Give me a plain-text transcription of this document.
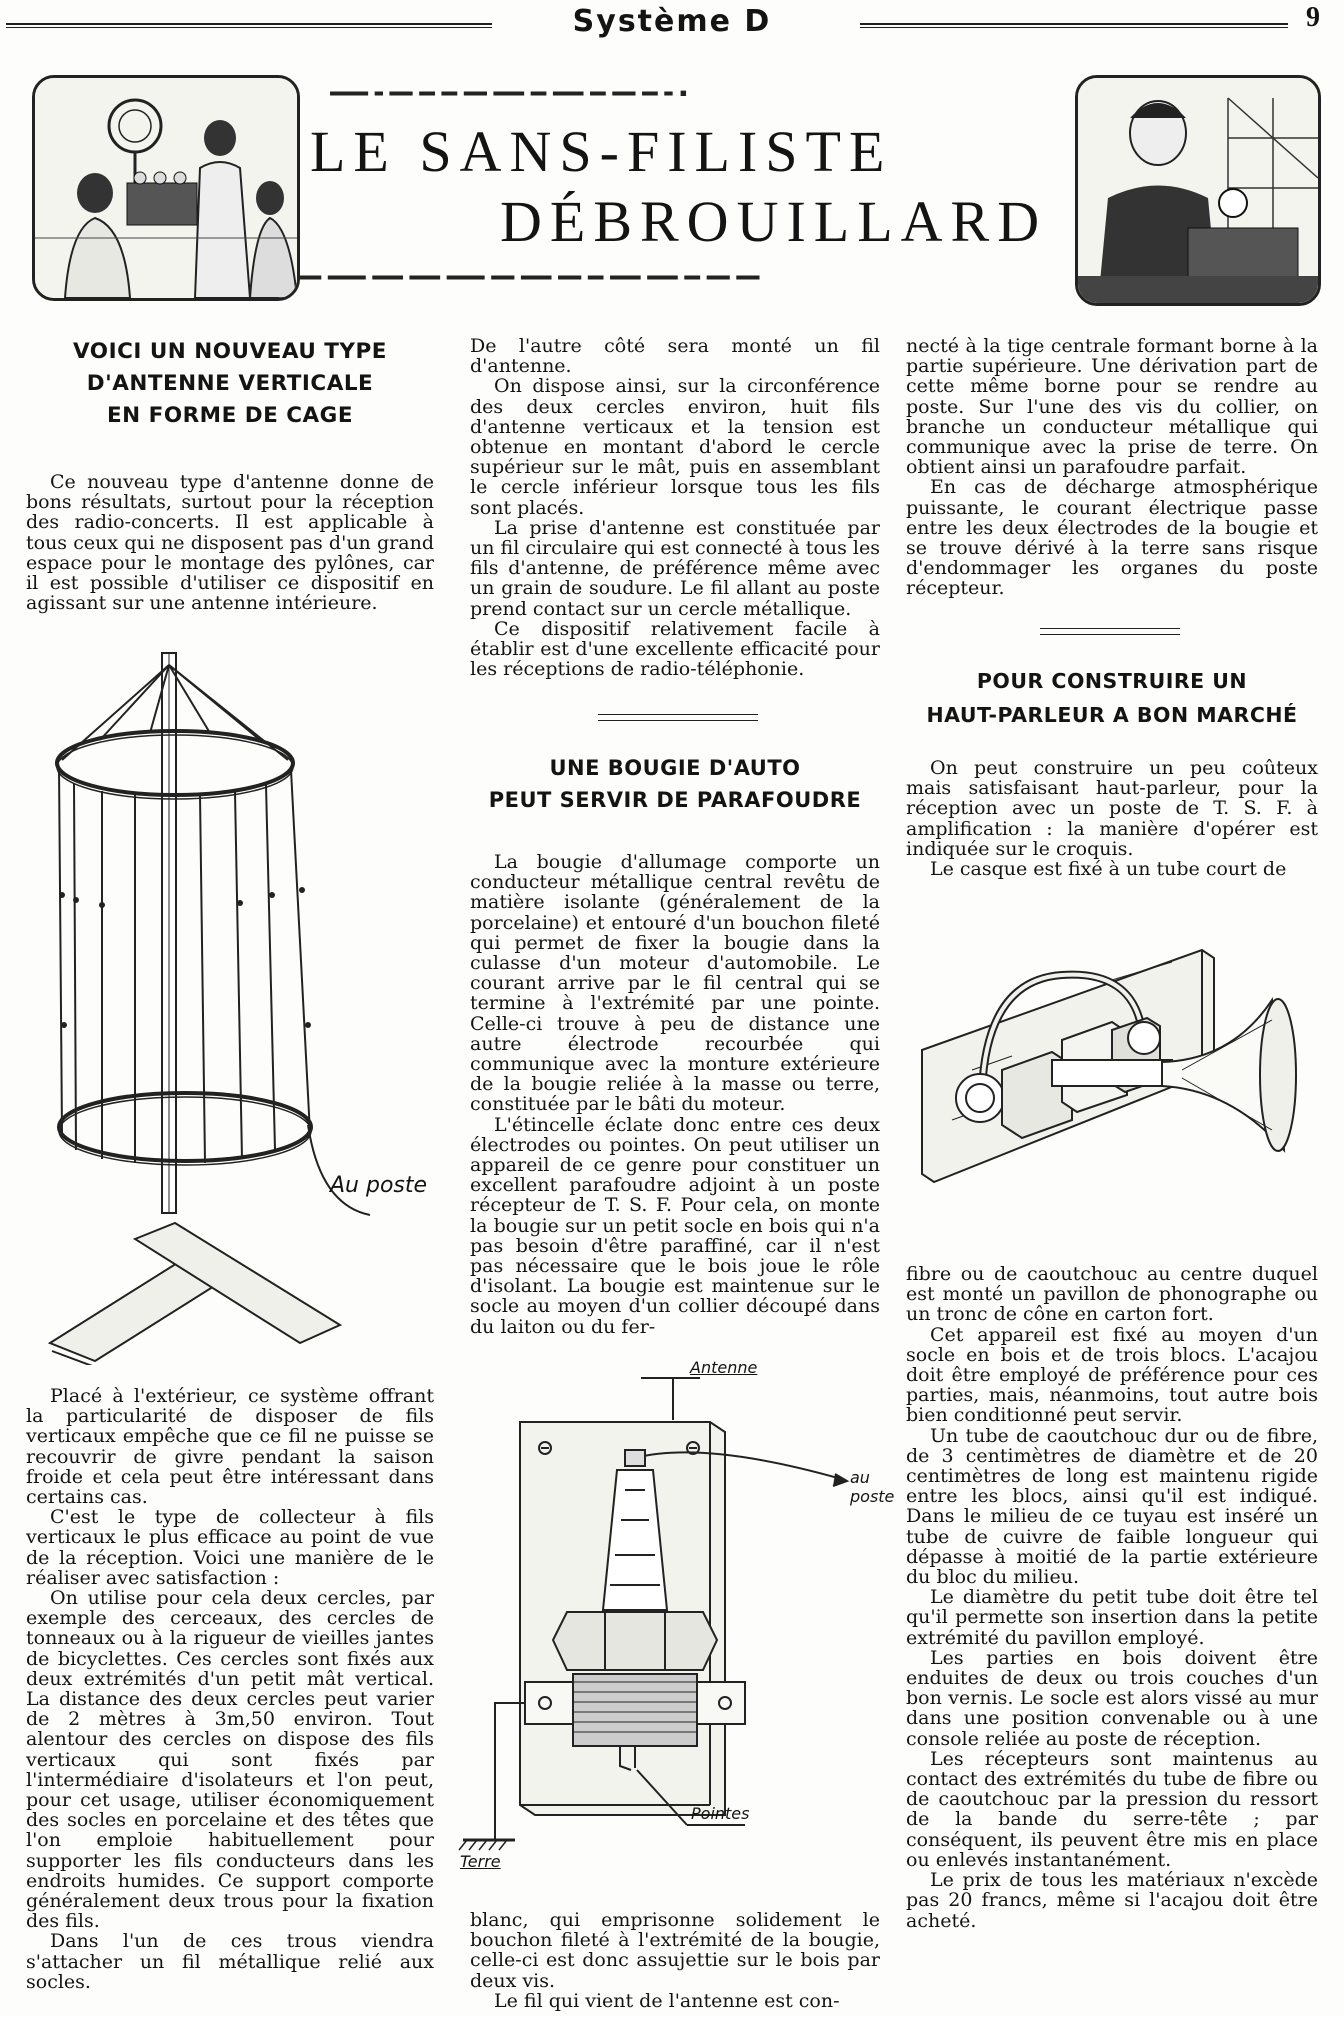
Système D	9
▬▬▬▬▬ ▬ ▬▬▬ ▬▬ ▬▬ ▬▬▬ ▬▬▬▬ ▬▬ ▬▬▬▬ ▬▬ ▬▬▬ ▬▬ ▬ ▪
LE SANS-FILISTE
DÉBROUILLARD
▬▬▬ ▬▬▬▬▬ ▬▬▬▬ ▬▬▬▬ ▬▬▬▬▬ ▬▬▬ ▬▬▬▬ ▬▬▬ ▬▬ ▬▬▬▬ ▬▬▬▬ ▬▬ ▬▬▬ ▬▬▬
VOICI UN NOUVEAU TYPE
D'ANTENNE VERTICALE
EN FORME DE CAGE

Ce nouveau type d'antenne donne de bons résultats, surtout pour la réception des radio-concerts. Il est applicable à tous ceux qui ne disposent pas d'un grand espace pour le montage des pylônes, car il est possible d'utiliser ce dispositif en agissant sur une antenne intérieure.

Au poste

Placé à l'extérieur, ce système offrant la particularité de disposer de fils verticaux empêche que ce fil ne puisse se recouvrir de givre pendant la saison froide et cela peut être intéressant dans certains cas.

C'est le type de collecteur à fils verticaux le plus efficace au point de vue de la réception. Voici une manière de le réaliser avec satisfaction :

On utilise pour cela deux cercles, par exemple des cerceaux, des cercles de tonneaux ou à la rigueur de vieilles jantes de bicyclettes. Ces cercles sont fixés aux deux extrémités d'un petit mât vertical. La distance des deux cercles peut varier de 2 mètres à 3m,50 environ. Tout alentour des cercles on dispose des fils verticaux qui sont fixés par l'intermédiaire d'isolateurs et l'on peut, pour cet usage, utiliser économiquement des socles en porcelaine et des têtes que l'on emploie habituellement pour supporter les fils conducteurs dans les endroits humides. Ce support comporte généralement deux trous pour la fixation des fils.

Dans l'un de ces trous viendra s'attacher un fil métallique relié aux socles.

De l'autre côté sera monté un fil d'antenne.

On dispose ainsi, sur la circonférence des deux cercles environ, huit fils d'antenne verticaux et la tension est obtenue en montant d'abord le cercle supérieur sur le mât, puis en assemblant le cercle inférieur lorsque tous les fils sont placés.

La prise d'antenne est constituée par un fil circulaire qui est connecté à tous les fils d'antenne, de préférence même avec un grain de soudure. Le fil allant au poste prend contact sur un cercle métallique.

Ce dispositif relativement facile à établir est d'une excellente efficacité pour les réceptions de radio-téléphonie.

UNE BOUGIE D'AUTO
PEUT SERVIR DE PARAFOUDRE

La bougie d'allumage comporte un conducteur métallique central revêtu de matière isolante (généralement de la porcelaine) et entouré d'un bouchon fileté qui permet de fixer la bougie dans la culasse d'un moteur d'automobile. Le courant arrive par le fil central qui se termine à l'extrémité par une pointe. Celle-ci trouve à peu de distance une autre électrode recourbée qui communique avec la monture extérieure de la bougie reliée à la masse ou terre, constituée par le bâti du moteur.

L'étincelle éclate donc entre ces deux électrodes ou pointes. On peut utiliser un appareil de ce genre pour constituer un excellent parafoudre adjoint à un poste récepteur de T. S. F. Pour cela, on monte la bougie sur un petit socle en bois qui n'a pas besoin d'être paraffiné, car il n'est pas nécessaire que le bois joue le rôle d'isolant. La bougie est maintenue sur le socle au moyen d'un collier découpé dans du laiton ou du fer-

Antenne
au poste
Pointes
Terre

blanc, qui emprisonne solidement le bouchon fileté à l'extrémité de la bougie, celle-ci est donc assujettie sur le bois par deux vis.

Le fil qui vient de l'antenne est con-

necté à la tige centrale formant borne à la partie supérieure. Une dérivation part de cette même borne pour se rendre au poste. Sur l'une des vis du collier, on branche un conducteur métallique qui communique avec la prise de terre. On obtient ainsi un parafoudre parfait.

En cas de décharge atmosphérique puissante, le courant électrique passe entre les deux électrodes de la bougie et se trouve dérivé à la terre sans risque d'endommager les organes du poste récepteur.

POUR CONSTRUIRE UN
HAUT-PARLEUR A BON MARCHÉ

On peut construire un peu coûteux mais satisfaisant haut-parleur, pour la réception avec un poste de T. S. F. à amplification : la manière d'opérer est indiquée sur le croquis.

Le casque est fixé à un tube court de

fibre ou de caoutchouc au centre duquel est monté un pavillon de phonographe ou un tronc de cône en carton fort.

Cet appareil est fixé au moyen d'un socle en bois et de trois blocs. L'acajou doit être employé de préférence pour ces parties, mais, néanmoins, tout autre bois bien conditionné peut servir.

Un tube de caoutchouc dur ou de fibre, de 3 centimètres de diamètre et de 20 centimètres de long est maintenu rigide entre les blocs, ainsi qu'il est indiqué. Dans le milieu de ce tuyau est inséré un tube de cuivre de faible longueur qui dépasse à moitié de la partie extérieure du bloc du milieu.

Le diamètre du petit tube doit être tel qu'il permette son insertion dans la petite extrémité du pavillon employé.

Les parties en bois doivent être enduites de deux ou trois couches d'un bon vernis. Le socle est alors vissé au mur dans une position convenable ou à une console reliée au poste de réception.

Les récepteurs sont maintenus au contact des extrémités du tube de fibre ou de caoutchouc par la pression du ressort de la bande du serre-tête ; par conséquent, ils peuvent être mis en place ou enlevés instantanément.

Le prix de tous les matériaux n'excède pas 20 francs, même si l'acajou doit être acheté.
